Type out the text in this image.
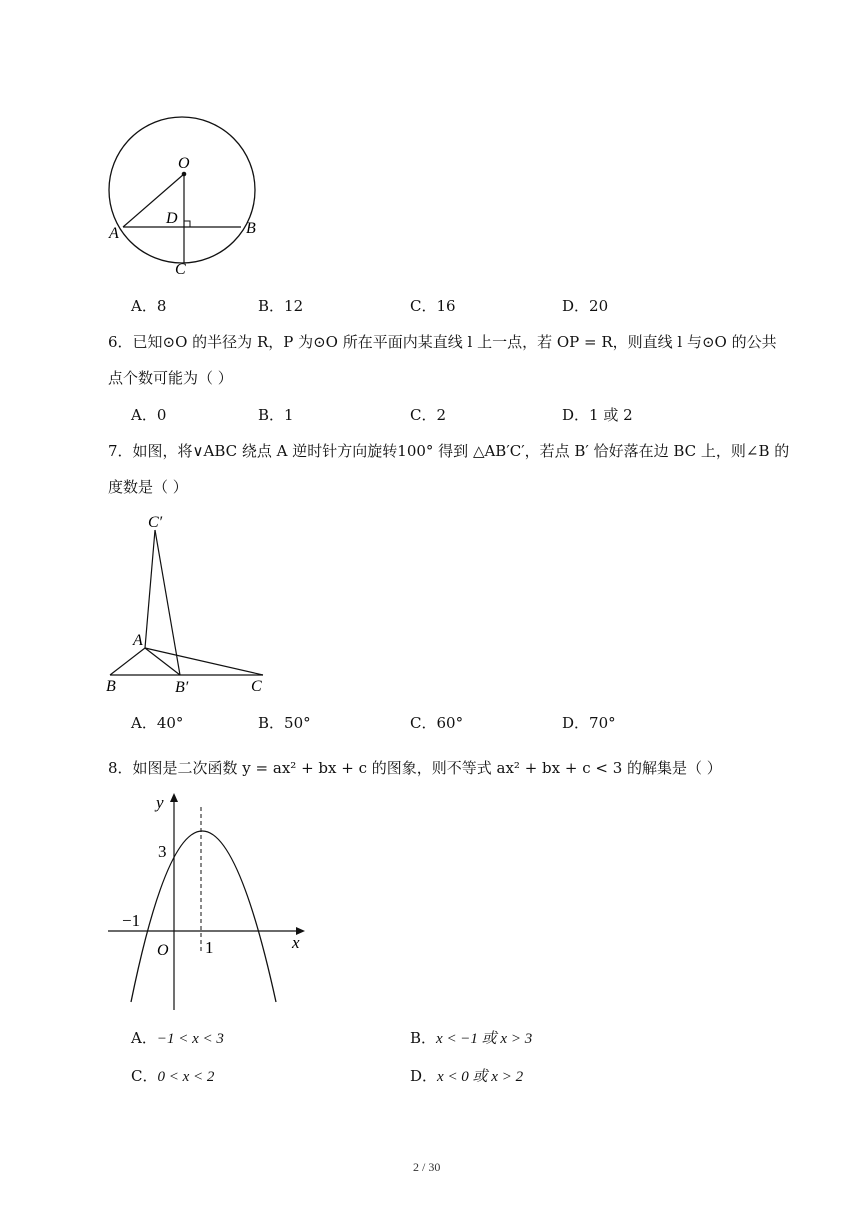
O
D
A	B
C
A．8	B．12	C．16	D．20
6．已知⊙O 的半径为 R，P 为⊙O 所在平面内某直线 l 上一点，若 OP = R，则直线 l 与⊙O 的公共
点个数可能为（ ）
A．0	B．1	C．2	D．1 或 2
7．如图，将∨ABC 绕点 A 逆时针方向旋转100° 得到 △AB′C′，若点 B′ 恰好落在边 BC 上，则∠B 的
度数是（ ）
C′
A
B	B′	C
A．40°	B．50°	C．60°	D．70°
8．如图是二次函数 y = ax² + bx + c 的图象，则不等式 ax² + bx + c < 3 的解集是（ ）
y
x
O
3
−1
1
A．−1 < x < 3	B．x < −1 或 x > 3
C．0 < x < 2	D．x < 0 或 x > 2
2 / 30
